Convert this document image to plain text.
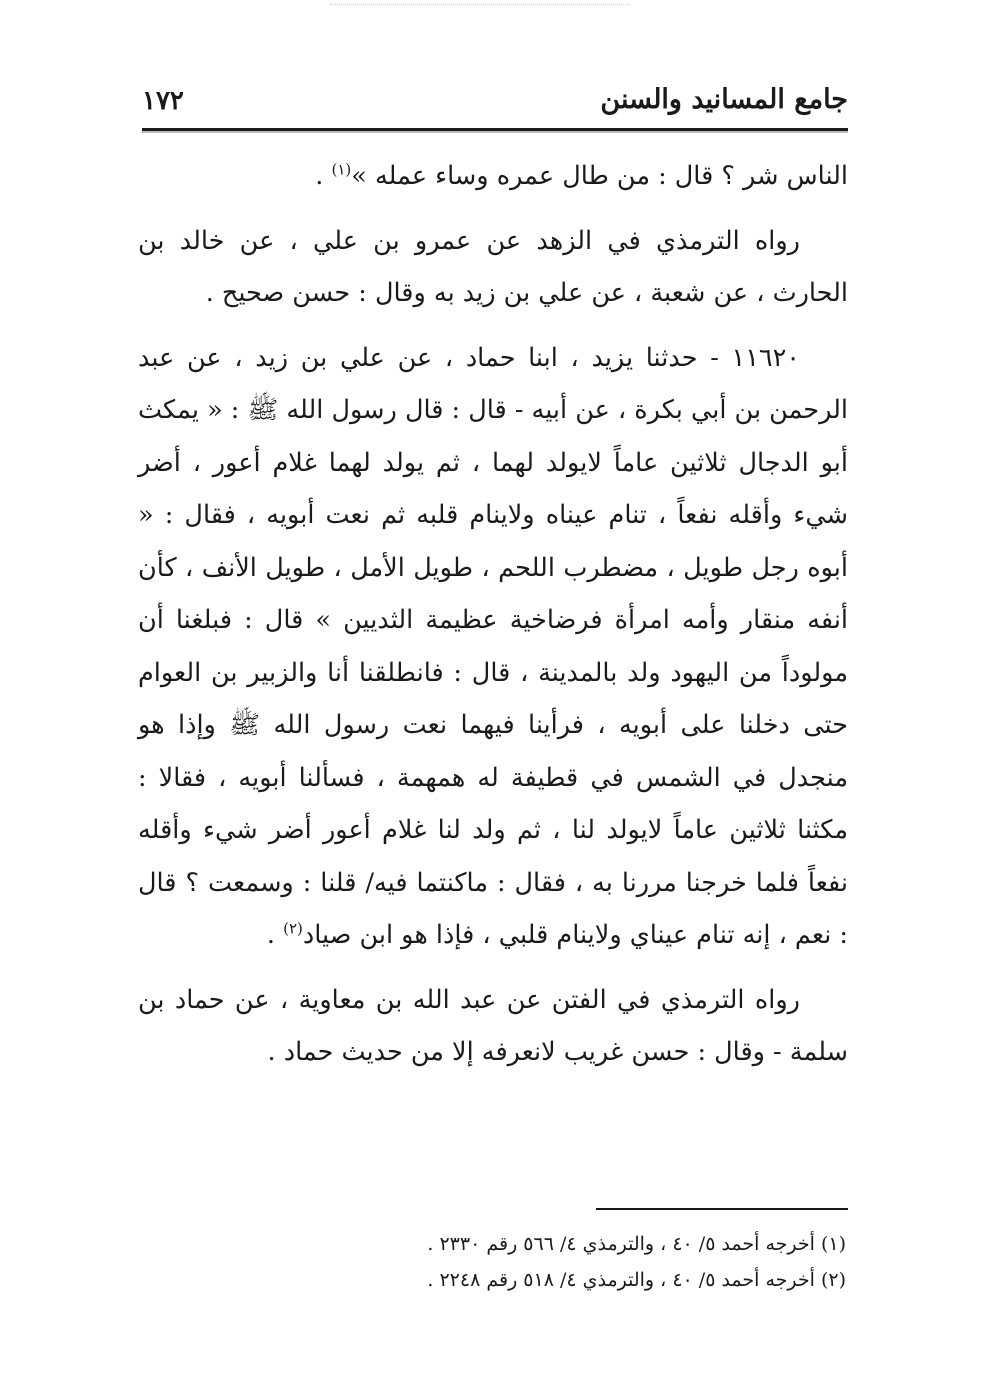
جامع المسانيد والسنن
١٧٢

الناس شر ؟ قال : من طال عمره وساء عمله »$^{(١)}$ .

رواه الترمذي في الزهد عن عمرو بن علي ، عن خالد بن الحارث ، عن شعبة ، عن علي بن زيد به وقال : حسن صحيح .

١١٦٢٠ - حدثنا يزيد ، ابنا حماد ، عن علي بن زيد ، عن عبد الرحمن بن أبي بكرة ، عن أبيه - قال : قال رسول الله ﷺ : « يمكث أبو الدجال ثلاثين عاماً لايولد لهما ، ثم يولد لهما غلام أعور ، أضر شيء وأقله نفعاً ، تنام عيناه ولاينام قلبه ثم نعت أبويه ، فقال : « أبوه رجل طويل ، مضطرب اللحم ، طويل الأمل ، طويل الأنف ، كأن أنفه منقار وأمه امرأة فرضاخية عظيمة الثديين » قال : فبلغنا أن مولوداً من اليهود ولد بالمدينة ، قال : فانطلقنا أنا والزبير بن العوام حتى دخلنا على أبويه ، فرأينا فيهما نعت رسول الله ﷺ وإذا هو منجدل في الشمس في قطيفة له همهمة ، فسألنا أبويه ، فقالا : مكثنا ثلاثين عاماً لايولد لنا ، ثم ولد لنا غلام أعور أضر شيء وأقله نفعاً فلما خرجنا مررنا به ، فقال : ماكنتما فيه/ قلنا : وسمعت ؟ قال : نعم ، إنه تنام عيناي ولاينام قلبي ، فإذا هو ابن صياد$^{(٢)}$ .

رواه الترمذي في الفتن عن عبد الله بن معاوية ، عن حماد بن سلمة - وقال : حسن غريب لانعرفه إلا من حديث حماد .

(١) أخرجه أحمد ٥/ ٤٠ ، والترمذي ٤/ ٥٦٦ رقم ٢٣٣٠ .

(٢) أخرجه أحمد ٥/ ٤٠ ، والترمذي ٤/ ٥١٨ رقم ٢٢٤٨ .
